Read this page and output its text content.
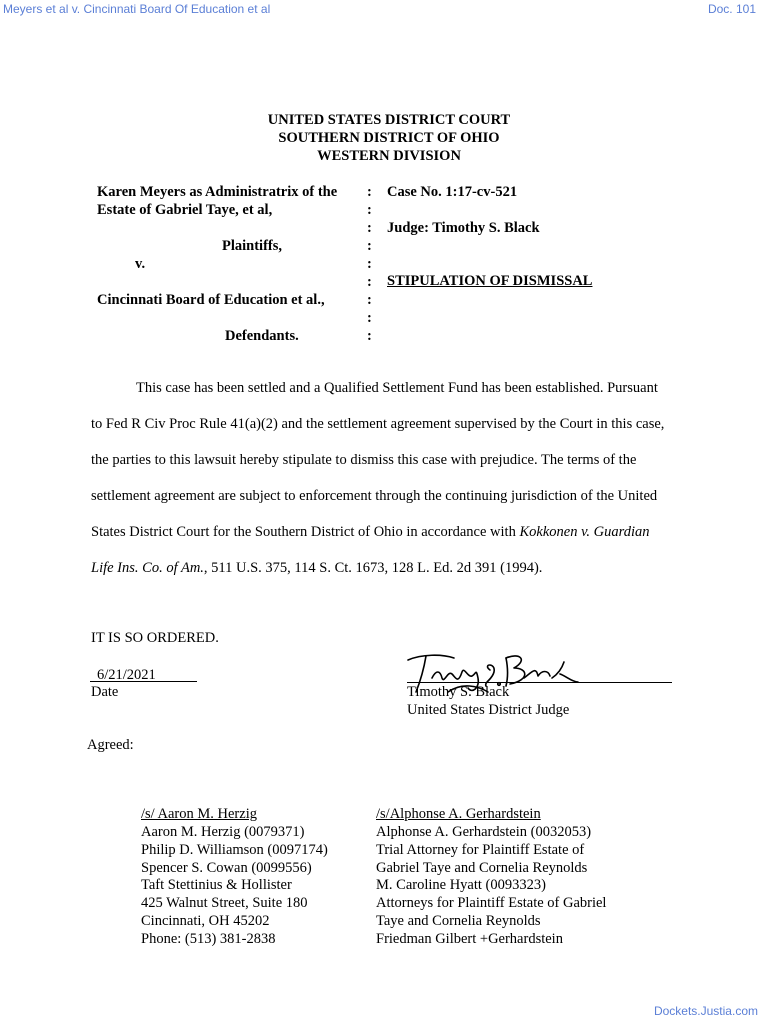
Meyers et al v. Cincinnati Board Of Education et al	Doc. 101
UNITED STATES DISTRICT COURT
SOUTHERN DISTRICT OF OHIO
WESTERN DIVISION
Karen Meyers as Administratrix of the
Estate of Gabriel Taye, et al,
Plaintiffs,
v.
Cincinnati Board of Education et al.,
Defendants.
:
:
:
:
:
:
:
:
:
Case No. 1:17-cv-521
Judge: Timothy S. Black
STIPULATION OF DISMISSAL
This case has been settled and a Qualified Settlement Fund has been established. Pursuant
to Fed R Civ Proc Rule 41(a)(2) and the settlement agreement supervised by the Court in this case,
the parties to this lawsuit hereby stipulate to dismiss this case with prejudice. The terms of the
settlement agreement are subject to enforcement through the continuing jurisdiction of the United
States District Court for the Southern District of Ohio in accordance with Kokkonen v. Guardian
Life Ins. Co. of Am., 511 U.S. 375, 114 S. Ct. 1673, 128 L. Ed. 2d 391 (1994).
IT IS SO ORDERED.
6/21/2021
Date	Timothy S. Black
United States District Judge
Agreed:
/s/ Aaron M. Herzig
Aaron M. Herzig (0079371)
Philip D. Williamson (0097174)
Spencer S. Cowan (0099556)
Taft Stettinius & Hollister
425 Walnut Street, Suite 180
Cincinnati, OH 45202
Phone: (513) 381-2838
/s/Alphonse A. Gerhardstein
Alphonse A. Gerhardstein (0032053)
Trial Attorney for Plaintiff Estate of
Gabriel Taye and Cornelia Reynolds
M. Caroline Hyatt (0093323)
Attorneys for Plaintiff Estate of Gabriel
Taye and Cornelia Reynolds
Friedman Gilbert +Gerhardstein
Dockets.Justia.com
